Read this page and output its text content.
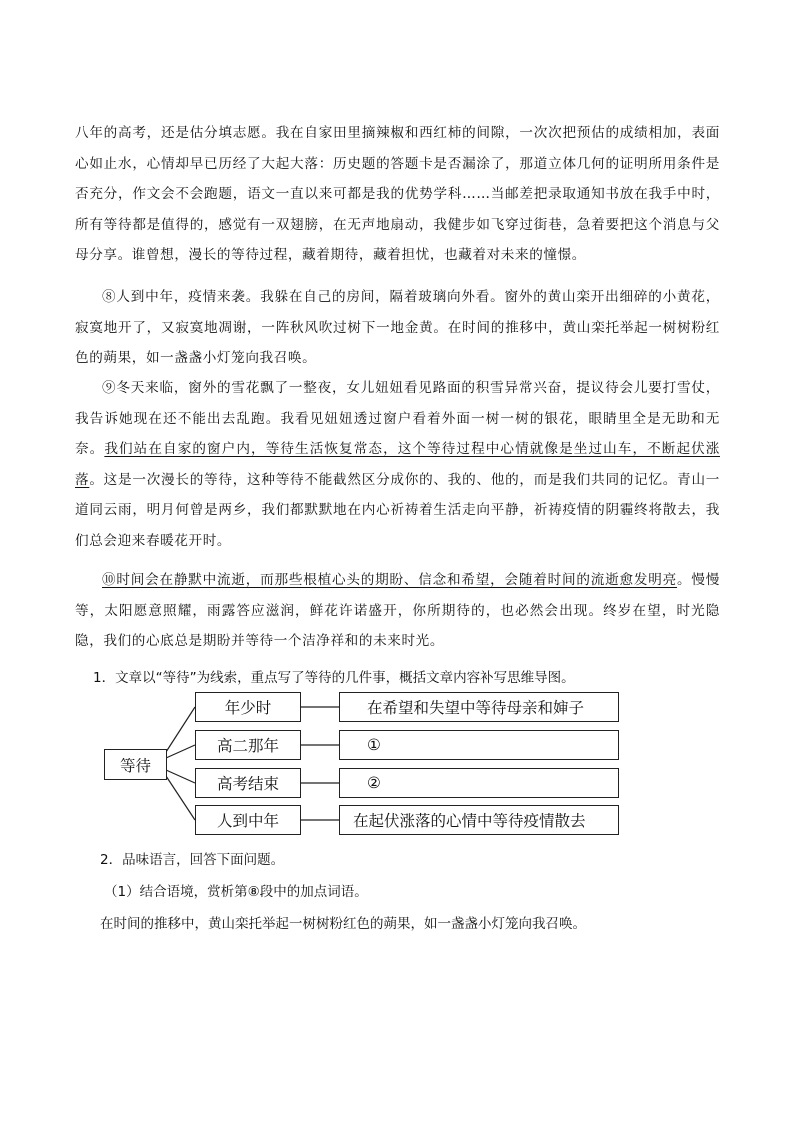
八年的高考，还是估分填志愿。我在自家田里摘辣椒和西红柿的间隙，一次次把预估的成绩相加，表面心如止水，心情却早已历经了大起大落：历史题的答题卡是否漏涂了，那道立体几何的证明所用条件是否充分，作文会不会跑题，语文一直以来可都是我的优势学科……当邮差把录取通知书放在我手中时，所有等待都是值得的，感觉有一双翅膀，在无声地扇动，我健步如飞穿过街巷，急着要把这个消息与父母分享。谁曾想，漫长的等待过程，藏着期待，藏着担忧，也藏着对未来的憧憬。

⑧人到中年，疫情来袭。我躲在自己的房间，隔着玻璃向外看。窗外的黄山栾开出细碎的小黄花，寂寞地开了，又寂寞地凋谢，一阵秋风吹过树下一地金黄。在时间的推移中，黄山栾托举起一树树粉红色的蒴果，如一盏盏小灯笼向我召唤。

⑨冬天来临，窗外的雪花飘了一整夜，女儿妞妞看见路面的积雪异常兴奋，提议待会儿要打雪仗，我告诉她现在还不能出去乱跑。我看见妞妞透过窗户看着外面一树一树的银花，眼睛里全是无助和无奈。我们站在自家的窗户内，等待生活恢复常态，这个等待过程中心情就像是坐过山车，不断起伏涨落。这是一次漫长的等待，这种等待不能截然区分成你的、我的、他的，而是我们共同的记忆。青山一道同云雨，明月何曾是两乡，我们都默默地在内心祈祷着生活走向平静，祈祷疫情的阴霾终将散去，我们总会迎来春暖花开时。

⑩时间会在静默中流逝，而那些根植心头的期盼、信念和希望，会随着时间的流逝愈发明亮。慢慢等，太阳愿意照耀，雨露答应滋润，鲜花许诺盛开，你所期待的，也必然会出现。终岁在望，时光隐隐，我们的心底总是期盼并等待一个洁净祥和的未来时光。

1．文章以“等待”为线索，重点写了等待的几件事，概括文章内容补写思维导图。

等待
年少时
高二那年
高考结束
人到中年
在希望和失望中等待母亲和婶子
①
②
在起伏涨落的心情中等待疫情散去

2．品味语言，回答下面问题。

（1）结合语境，赏析第⑧段中的加点词语。

在时间的推移中，黄山栾托举起一树树粉红色的蒴果，如一盏盏小灯笼向我召唤。
